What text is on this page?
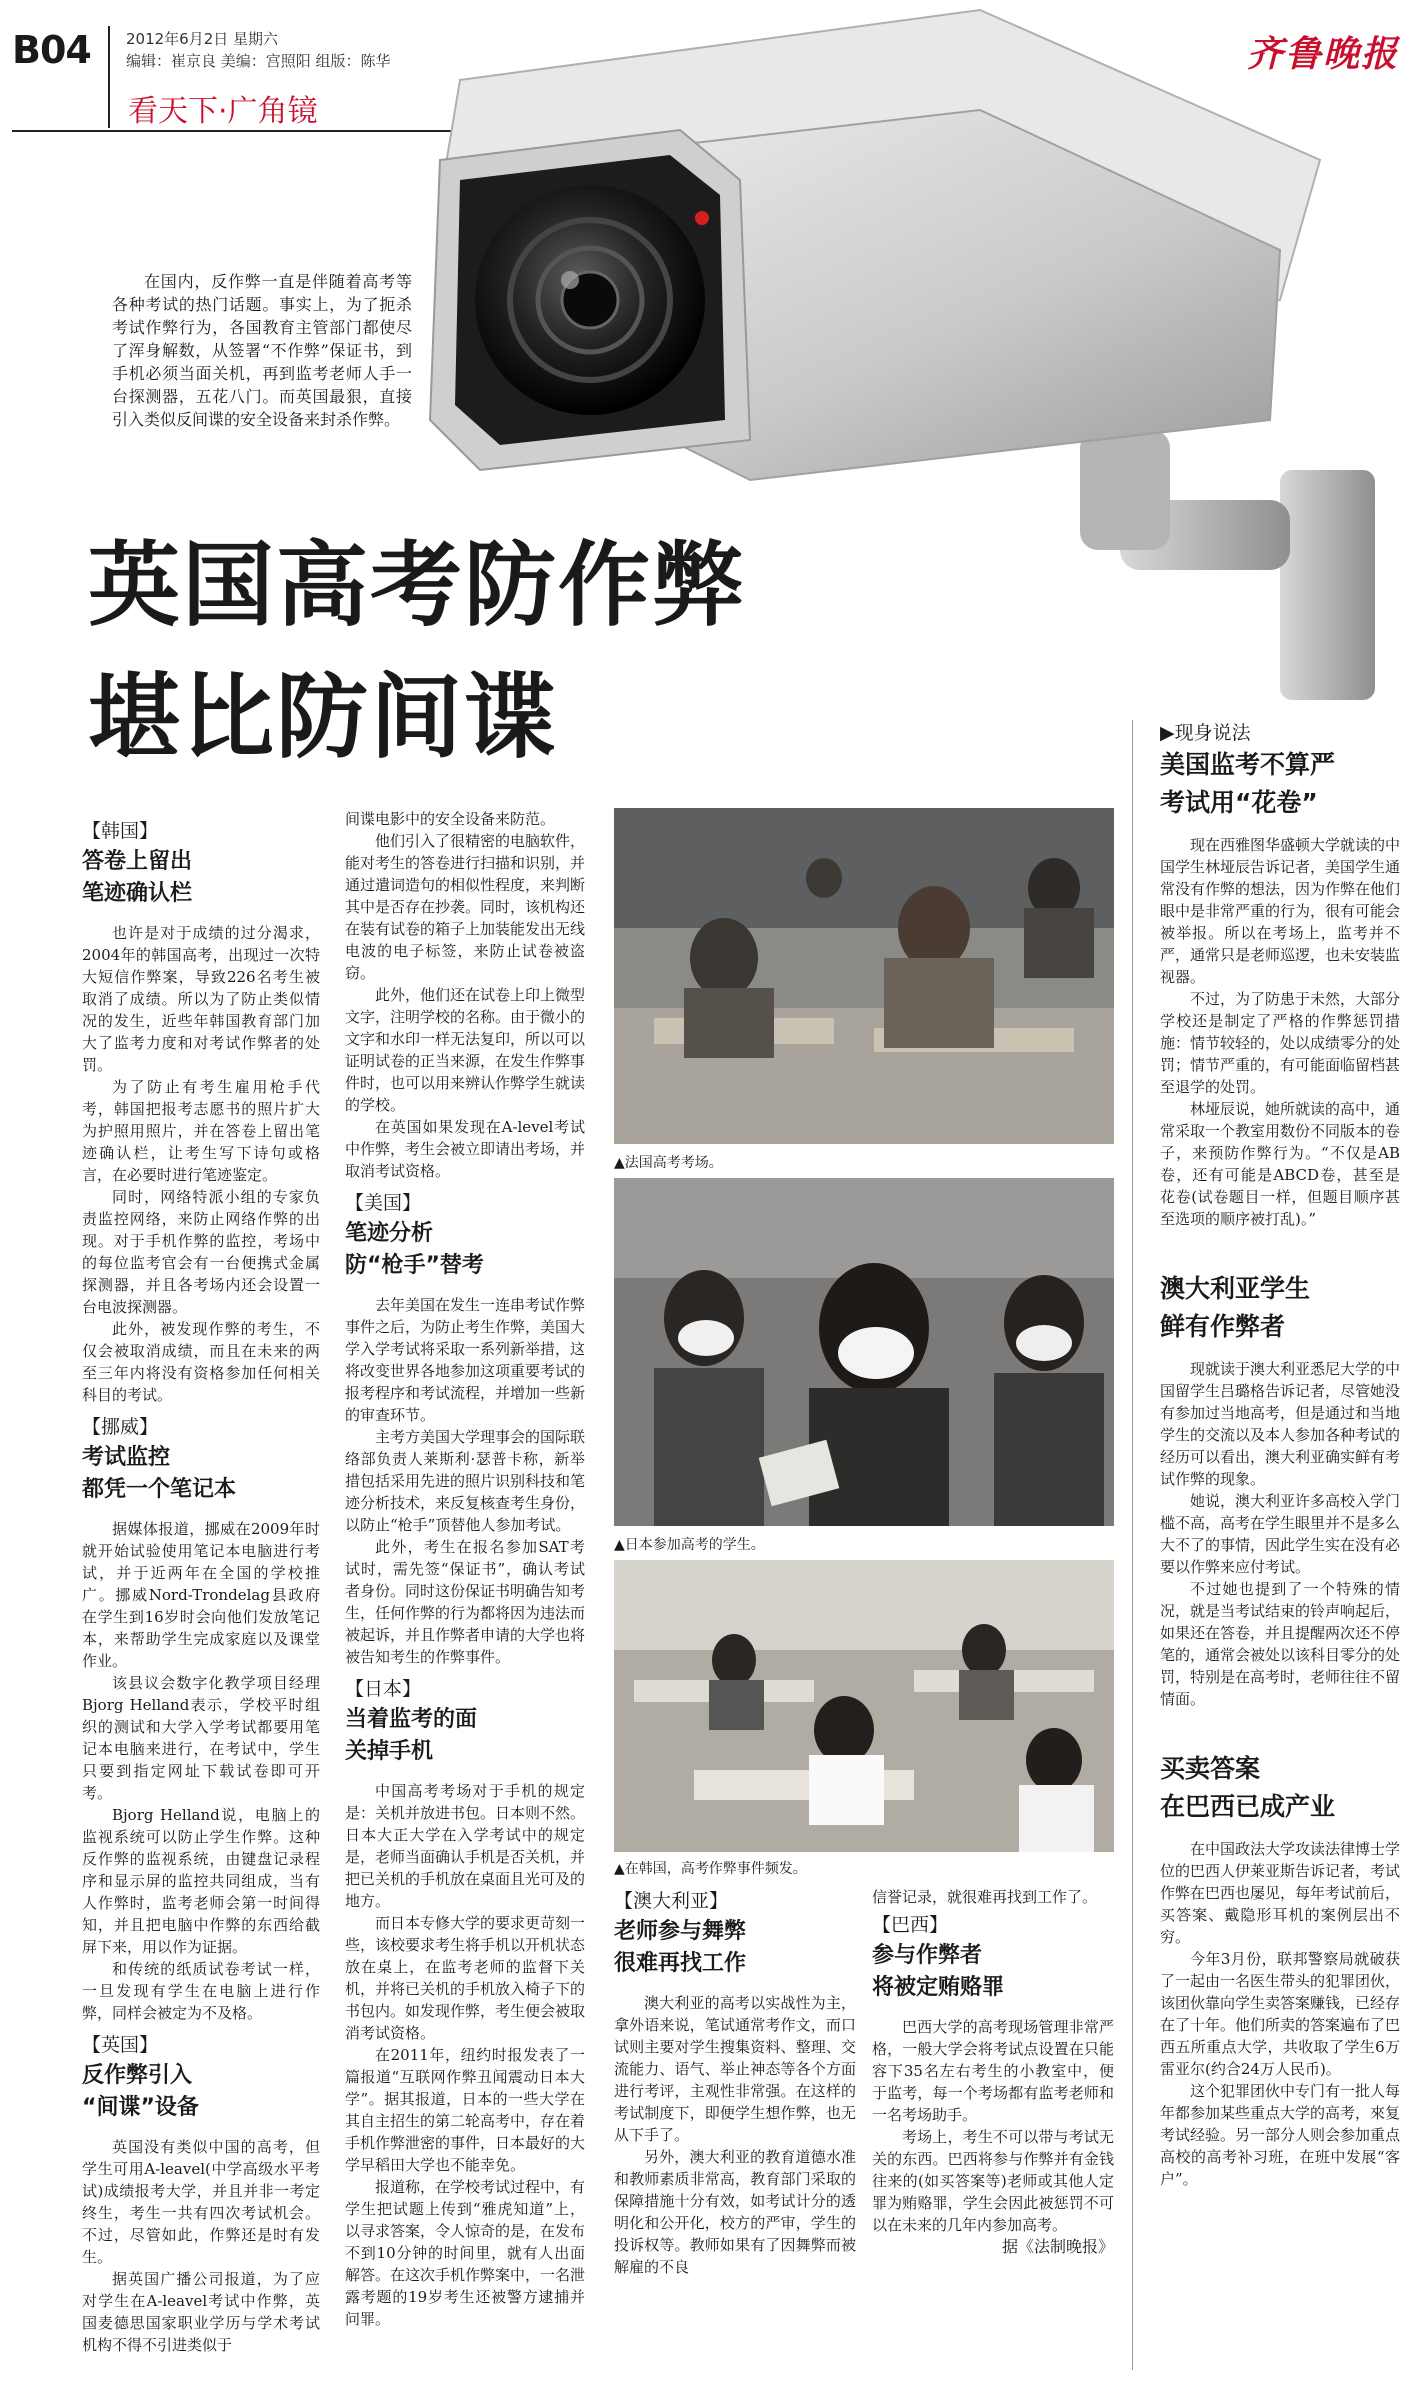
B04 2012年6月2日 星期六
编辑：崔京良 美编：宫照阳 组版：陈华
看天下·广角镜
齐鲁晚报
在国内，反作弊一直是伴随着高考等各种考试的热门话题。事实上，为了扼杀考试作弊行为，各国教育主管部门都使尽了浑身解数，从签署“不作弊”保证书，到手机必须当面关机，再到监考老师人手一台探测器，五花八门。而英国最狠，直接引入类似反间谍的安全设备来封杀作弊。
英国高考防作弊
堪比防间谍
【韩国】
答卷上留出
笔迹确认栏

也许是对于成绩的过分渴求，2004年的韩国高考，出现过一次特大短信作弊案，导致226名考生被取消了成绩。所以为了防止类似情况的发生，近些年韩国教育部门加大了监考力度和对考试作弊者的处罚。

为了防止有考生雇用枪手代考，韩国把报考志愿书的照片扩大为护照用照片，并在答卷上留出笔迹确认栏，让考生写下诗句或格言，在必要时进行笔迹鉴定。

同时，网络特派小组的专家负责监控网络，来防止网络作弊的出现。对于手机作弊的监控，考场中的每位监考官会有一台便携式金属探测器，并且各考场内还会设置一台电波探测器。

此外，被发现作弊的考生，不仅会被取消成绩，而且在未来的两至三年内将没有资格参加任何相关科目的考试。

【挪威】
考试监控
都凭一个笔记本

据媒体报道，挪威在2009年时就开始试验使用笔记本电脑进行考试，并于近两年在全国的学校推广。挪威Nord-Trondelag县政府在学生到16岁时会向他们发放笔记本，来帮助学生完成家庭以及课堂作业。

该县议会数字化教学项目经理Bjorg Helland表示，学校平时组织的测试和大学入学考试都要用笔记本电脑来进行，在考试中，学生只要到指定网址下载试卷即可开考。

Bjorg Helland说，电脑上的监视系统可以防止学生作弊。这种反作弊的监视系统，由键盘记录程序和显示屏的监控共同组成，当有人作弊时，监考老师会第一时间得知，并且把电脑中作弊的东西给截屏下来，用以作为证据。

和传统的纸质试卷考试一样，一旦发现有学生在电脑上进行作弊，同样会被定为不及格。

【英国】
反作弊引入
“间谍”设备

英国没有类似中国的高考，但学生可用A-leavel(中学高级水平考试)成绩报考大学，并且并非一考定终生，考生一共有四次考试机会。不过，尽管如此，作弊还是时有发生。

据英国广播公司报道，为了应对学生在A-leavel考试中作弊，英国麦德思国家职业学历与学术考试机构不得不引进类似于

间谍电影中的安全设备来防范。

他们引入了很精密的电脑软件，能对考生的答卷进行扫描和识别，并通过遣词造句的相似性程度，来判断其中是否存在抄袭。同时，该机构还在装有试卷的箱子上加装能发出无线电波的电子标签，来防止试卷被盗窃。

此外，他们还在试卷上印上微型文字，注明学校的名称。由于微小的文字和水印一样无法复印，所以可以证明试卷的正当来源，在发生作弊事件时，也可以用来辨认作弊学生就读的学校。

在英国如果发现在A-level考试中作弊，考生会被立即请出考场，并取消考试资格。

【美国】
笔迹分析
防“枪手”替考

去年美国在发生一连串考试作弊事件之后，为防止考生作弊，美国大学入学考试将采取一系列新举措，这将改变世界各地参加这项重要考试的报考程序和考试流程，并增加一些新的审查环节。

主考方美国大学理事会的国际联络部负责人莱斯利·瑟普卡称，新举措包括采用先进的照片识别科技和笔迹分析技术，来反复核查考生身份，以防止“枪手”顶替他人参加考试。

此外，考生在报名参加SAT考试时，需先签“保证书”，确认考试者身份。同时这份保证书明确告知考生，任何作弊的行为都将因为违法而被起诉，并且作弊者申请的大学也将被告知考生的作弊事件。

【日本】
当着监考的面
关掉手机

中国高考考场对于手机的规定是：关机并放进书包。日本则不然。日本大正大学在入学考试中的规定是，老师当面确认手机是否关机，并把已关机的手机放在桌面且光可及的地方。

而日本专修大学的要求更苛刻一些，该校要求考生将手机以开机状态放在桌上，在监考老师的监督下关机，并将已关机的手机放入椅子下的书包内。如发现作弊，考生便会被取消考试资格。

在2011年，纽约时报发表了一篇报道“互联网作弊丑闻震动日本大学”。据其报道，日本的一些大学在其自主招生的第二轮高考中，存在着手机作弊泄密的事件，日本最好的大学早稻田大学也不能幸免。

报道称，在学校考试过程中，有学生把试题上传到“雅虎知道”上，以寻求答案，令人惊奇的是，在发布不到10分钟的时间里，就有人出面解答。在这次手机作弊案中，一名泄露考题的19岁考生还被警方逮捕并问罪。

▲法国高考考场。
▲日本参加高考的学生。
▲在韩国，高考作弊事件频发。
【澳大利亚】
老师参与舞弊
很难再找工作

澳大利亚的高考以实战性为主，拿外语来说，笔试通常考作文，而口试则主要对学生搜集资料、整理、交流能力、语气、举止神态等各个方面进行考评，主观性非常强。在这样的考试制度下，即便学生想作弊，也无从下手了。

另外，澳大利亚的教育道德水准和教师素质非常高，教育部门采取的保障措施十分有效，如考试计分的透明化和公开化，校方的严审，学生的投诉权等。教师如果有了因舞弊而被解雇的不良

信誉记录，就很难再找到工作了。

【巴西】
参与作弊者
将被定贿赂罪

巴西大学的高考现场管理非常严格，一般大学会将考试点设置在只能容下35名左右考生的小教室中，便于监考，每一个考场都有监考老师和一名考场助手。

考场上，考生不可以带与考试无关的东西。巴西将参与作弊并有金钱往来的(如买答案等)老师或其他人定罪为贿赂罪，学生会因此被惩罚不可以在未来的几年内参加高考。

据《法制晚报》

▶现身说法
美国监考不算严
考试用“花卷”

现在西雅图华盛顿大学就读的中国学生林垭辰告诉记者，美国学生通常没有作弊的想法，因为作弊在他们眼中是非常严重的行为，很有可能会被举报。所以在考场上，监考并不严，通常只是老师巡逻，也未安装监视器。

不过，为了防患于未然，大部分学校还是制定了严格的作弊惩罚措施：情节较轻的，处以成绩零分的处罚；情节严重的，有可能面临留档甚至退学的处罚。

林垭辰说，她所就读的高中，通常采取一个教室用数份不同版本的卷子，来预防作弊行为。“不仅是AB卷，还有可能是ABCD卷，甚至是花卷(试卷题目一样，但题目顺序甚至选项的顺序被打乱)。”

澳大利亚学生
鲜有作弊者

现就读于澳大利亚悉尼大学的中国留学生吕璐格告诉记者，尽管她没有参加过当地高考，但是通过和当地学生的交流以及本人参加各种考试的经历可以看出，澳大利亚确实鲜有考试作弊的现象。

她说，澳大利亚许多高校入学门槛不高，高考在学生眼里并不是多么大不了的事情，因此学生实在没有必要以作弊来应付考试。

不过她也提到了一个特殊的情况，就是当考试结束的铃声响起后，如果还在答卷，并且提醒两次还不停笔的，通常会被处以该科目零分的处罚，特别是在高考时，老师往往不留情面。

买卖答案
在巴西已成产业

在中国政法大学攻读法律博士学位的巴西人伊莱亚斯告诉记者，考试作弊在巴西也屡见，每年考试前后，买答案、戴隐形耳机的案例层出不穷。

今年3月份，联邦警察局就破获了一起由一名医生带头的犯罪团伙，该团伙靠向学生卖答案赚钱，已经存在了十年。他们所卖的答案遍布了巴西五所重点大学，共收取了学生6万雷亚尔(约合24万人民币)。

这个犯罪团伙中专门有一批人每年都参加某些重点大学的高考，來复考试经验。另一部分人则会参加重点高校的高考补习班，在班中发展“客户”。
